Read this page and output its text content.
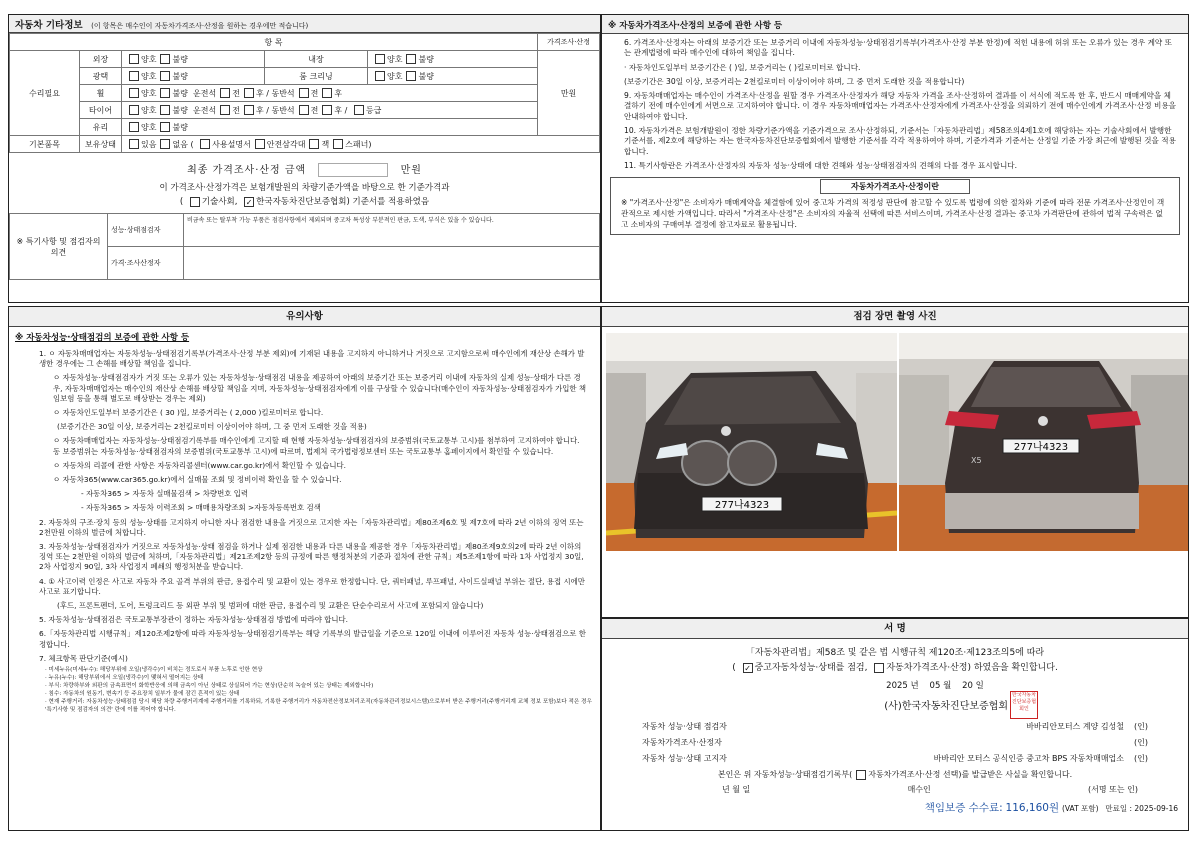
자동차 기타정보 (이 항목은 매수인이 자동차가격조사·산정을 원하는 경우에만 적습니다)
항 목					가격조사·산정
수리필요	외장	양호 불량	내장	양호 불량	만원
	광택	양호 불량	룸 크리닝	양호 불량	
	휠	양호 불량 운전석 전 후 / 동반석 전 후			
	타이어	양호 불량 운전석 전 후 / 동반석 전 후 / 등급			
	유리	양호 불량			
기본품목	보유상태	있음 없음 ( 사용설명서 안전삼각대 잭 스패너)			
최종 가격조사·산정 금액	만원
이 가격조사·산정가격은 보험개발원의 차량기준가액을 바탕으로 한 기준가격과
( 기술사회, ✓ 한국자동차진단보증협회) 기준서를 적용하였음
※ 특기사항 및 점검자의 의견	성능·상태점검자	비금속 또는 탈부착 가능 부품은 점검사항에서 제외되며 중고차 특성상 부분적인 판금, 도색, 부식은 있을 수 있습니다.
	가격·조사산정자	
※ 자동차가격조사·산정의 보증에 관한 사항 등
6. 가격조사·산정자는 아래의 보증기간 또는 보증거리 이내에 자동차성능·상태점검기록부(가격조사·산정 부분 한정)에 적힌 내용에 허위 또는 오류가 있는 경우 계약 또는 관계법령에 따라 매수인에 대하여 책임을 집니다.
· 자동차인도일부터 보증기간은 ( )일, 보증거리는 ( )킬로미터로 합니다.
(보증기간은 30일 이상, 보증거리는 2천킬로미터 이상이어야 하며, 그 중 먼저 도래한 것을 적용합니다)
9. 자동차매매업자는 매수인이 가격조사·산정을 원할 경우 가격조사·산정자가 해당 자동차 가격을 조사·산정하여 결과를 이 서식에 적도록 한 후, 반드시 매매계약을 체결하기 전에 매수인에게 서면으로 고지하여야 합니다. 이 경우 자동차매매업자는 가격조사·산정자에게 가격조사·산정을 의뢰하기 전에 매수인에게 가격조사·산정 비용을 안내하여야 합니다.
10. 자동차가격은 보험개발원이 정한 차량기준가액을 기준가격으로 조사·산정하되, 기준서는「자동차관리법」제58조의4제1호에 해당하는 자는 기술사회에서 발행한 기준서를, 제2호에 해당하는 자는 한국자동차진단보증협회에서 발행한 기준서를 각각 적용하여야 하며, 기준가격과 기준서는 산정일 기준 가장 최근에 발행된 것을 적용합니다.
11. 특기사항란은 가격조사·산정자의 자동차 성능·상태에 대한 견해와 성능·상태점검자의 견해의 다를 경우 표시합니다.
자동차가격조사·산정이란
※ "가격조사·산정"은 소비자가 매매계약을 체결함에 있어 중고차 가격의 적정성 판단에 참고할 수 있도록 법령에 의한 절차와 기준에 따라 전문 가격조사·산정인이 객관적으로 제시한 가액입니다. 따라서 "가격조사·산정"은 소비자의 자율적 선택에 따른 서비스이며, 가격조사·산정 결과는 중고차 가격판단에 관하여 법적 구속력은 없고 소비자의 구매여부 결정에 참고자료로 활용됩니다.
유의사항
※ 자동차성능·상태점검의 보증에 관한 사항 등
1. ㅇ 자동차매매업자는 자동차성능·상태점검기록부(가격조사·산정 부분 제외)에 기재된 내용을 고지하지 아니하거나 거짓으로 고지함으로써 매수인에게 재산상 손해가 발생한 경우에는 그 손해를 배상할 책임을 집니다.
ㅇ 자동차성능·상태점검자가 거짓 또는 오류가 있는 자동차성능·상태점검 내용을 제공하여 아래의 보증기간 또는 보증거리 이내에 자동차의 실제 성능·상태가 다른 경우, 자동차매매업자는 매수인의 재산상 손해를 배상할 책임을 지며, 자동차성능·상태점검자에게 이를 구상할 수 있습니다(매수인이 자동차성능·상태점검자가 가입한 책임보험 등을 통해 별도로 배상받는 경우는 제외)
ㅇ 자동차인도일부터 보증기간은 ( 30 )일, 보증거리는 ( 2,000 )킬로미터로 합니다.
(보증기간은 30일 이상, 보증거리는 2천킬로미터 이상이어야 하며, 그 중 먼저 도래한 것을 적용)
ㅇ 자동차매매업자는 자동차성능·상태점검기록부를 매수인에게 고지할 때 현행 자동차성능·상태점검자의 보증범위(국토교통부 고시)를 첨부하여 고지하여야 합니다. 동 보증범위는 자동차성능·상태점검자의 보증범위(국토교통부 고시)에 따르며, 법제처 국가법령정보센터 또는 국토교통부 홈페이지에서 확인할 수 있습니다.
ㅇ 자동차의 리콜에 관한 사항은 자동차리콜센터(www.car.go.kr)에서 확인할 수 있습니다.
ㅇ 자동차365(www.car365.go.kr)에서 실매물 조회 및 정비이력 확인을 할 수 있습니다.
- 자동차365 > 자동차 실매물검색 > 차량번호 입력
- 자동차365 > 자동차 이력조회 > 매매용차량조회 >자동차등록번호 검색
2. 자동차의 구조·장치 등의 성능·상태를 고지하지 아니한 자나 점검한 내용을 거짓으로 고지한 자는「자동차관리법」제80조제6호 및 제7호에 따라 2년 이하의 징역 또는 2천만원 이하의 벌금에 처합니다.
3. 자동차성능·상태점검자가 거짓으로 자동차성능·상태 점검을 하거나 실제 점검한 내용과 다른 내용을 제공한 경우「자동차관리법」제80조제9호의2에 따라 2년 이하의 징역 또는 2천만원 이하의 벌금에 처하며,「자동차관리법」제21조제2항 등의 규정에 따른 행정처분의 기준과 절차에 관한 규칙」제5조제1항에 따라 1차 사업정지 30일, 2차 사업정지 90일, 3차 사업정지 폐쇄의 행정처분을 받습니다.
4. ① 사고이력 인정은 사고로 자동차 주요 골격 부위의 판금, 용접수리 및 교환이 있는 경우로 한정합니다. 단, 쿼터패널, 루프패널, 사이드실패널 부위는 절단, 용접 시에만 사고로 표기합니다.
(후드, 프론트펜더, 도어, 트렁크리드 등 외판 부위 및 범퍼에 대한 판금, 용접수리 및 교환은 단순수리로서 사고에 포함되지 않습니다)
5. 자동차성능·상태점검은 국토교통부장관이 정하는 자동차성능·상태점검 방법에 따라야 합니다.
6.「자동차관리법 시행규칙」제120조제2항에 따라 자동차성능·상태점검기록부는 해당 기록부의 발급일을 기준으로 120일 이내에 이루어진 자동차 성능·상태점검으로 한정합니다.
7. 체크항목 판단기준(예시)
· 미세누유(미세누수): 해당부위에 오일(냉각수)이 비치는 정도로서 부품 노후로 인한 현상
· 누유(누수): 해당부위에서 오일(냉각수)이 맺혀서 떨어지는 상태
· 부식: 차량하부와 외판의 금속표면이 화학반응에 의해 금속이 아닌 상태로 상실되어 가는 현상(단순히 녹슬어 있는 상태는 제외합니다)
· 침수: 자동차의 원동기, 변속기 등 주요장치 일부가 물에 잠긴 흔적이 있는 상태
· 현재 주행거리: 자동차성능·상태점검 당시 해당 차량 주행거리계에 주행거리를 기록하되, 기록한 주행거리가 자동차전산정보처리조직(자동차관리정보시스템)으로부터 받은 주행거리(주행거리계 교체 정보 포함)보다 적은 경우 '특기사항 및 점검자의 의견' 란에 이를 적어야 합니다.
점검 장면 촬영 사진
277나4323
277나4323
X5
서 명
「자동차관리법」제58조 및 같은 법 시행규칙 제120조·제123조의5에 따라
( ✓ 중고자동차성능·상태를 점검, 자동차가격조사·산정) 하였음을 확인합니다.
2025 년 05 월 20 일
(사)한국자동차진단보증협회
한국자동차진단보증협회인
자동차 성능·상태 점검자	바바리안모터스 계양 김성철	(인)
자동차가격조사·산정자	(인)
자동차 성능·상태 고지자	바바리안 모터스 공식인증 중고차 BPS 자동차매매업소	(인)
본인은 위 자동차성능·상태점검기록부( 자동차가격조사·산정 선택)를 발급받은 사실을 확인합니다.
년 월 일	매수인	(서명 또는 인)
책임보증 수수료: 116,160원 (VAT 포함) 만료일 : 2025-09-16
